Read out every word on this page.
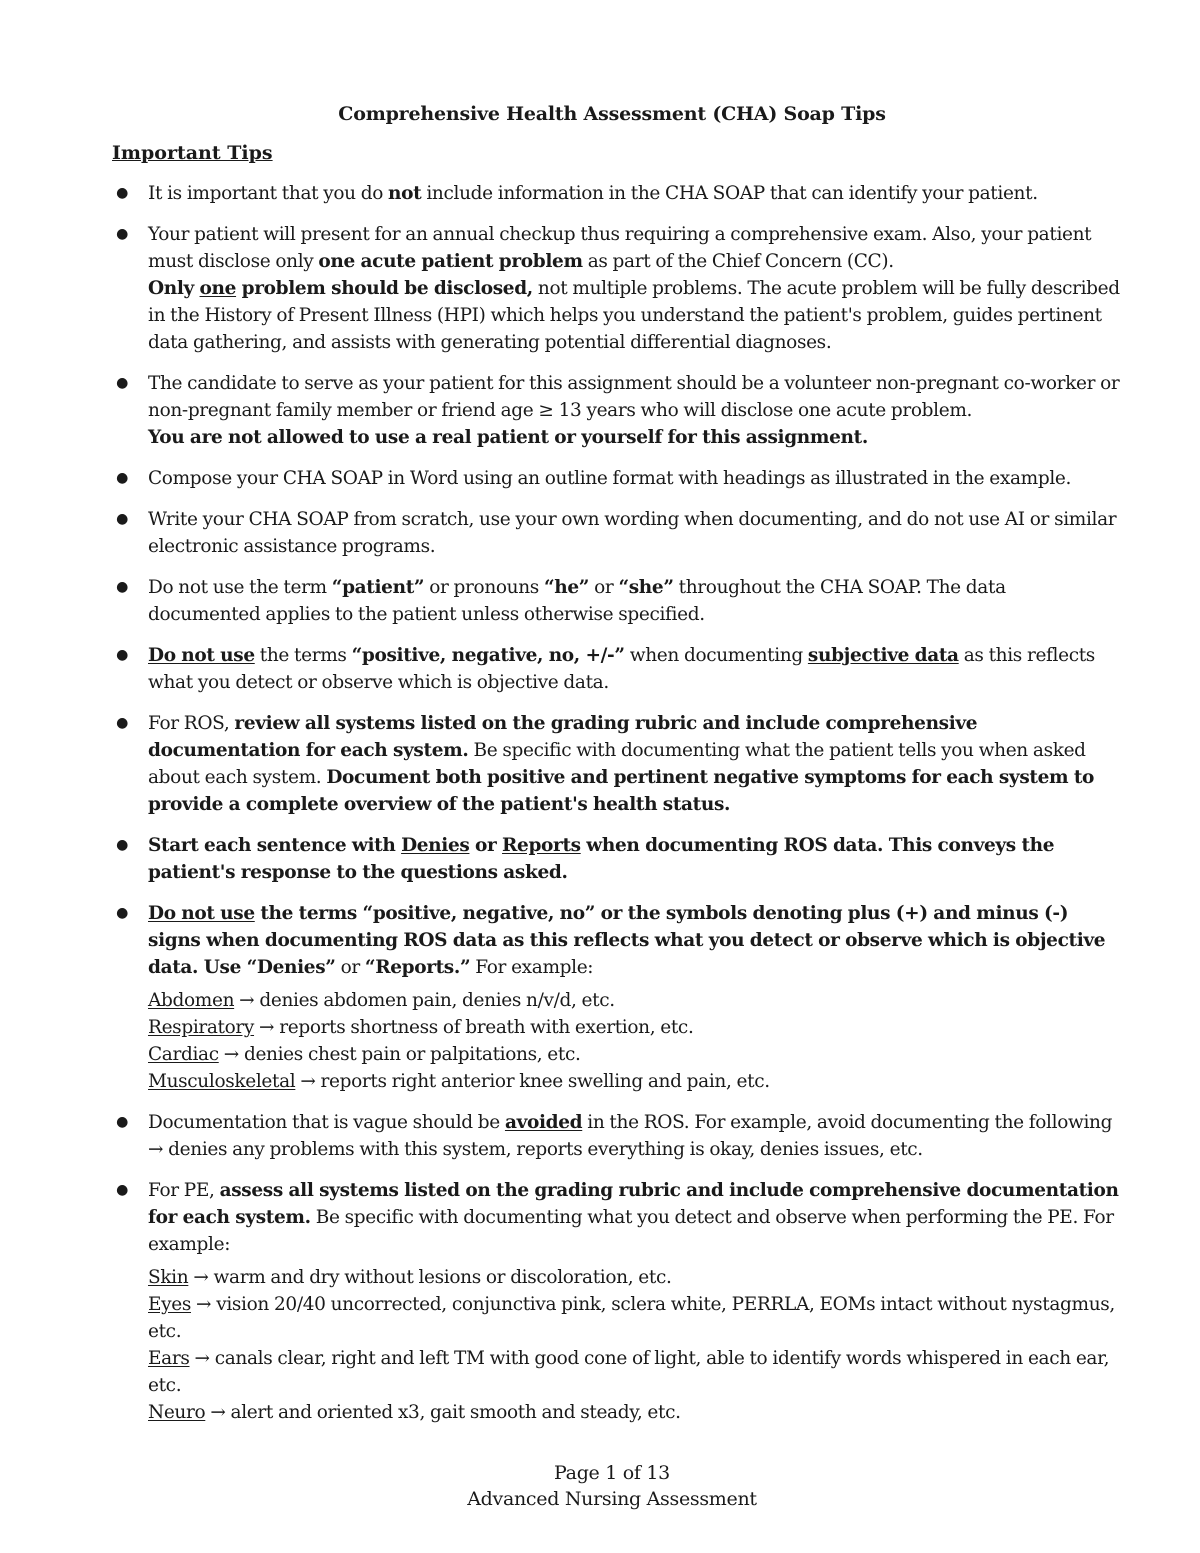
Comprehensive Health Assessment (CHA) Soap Tips
Important Tips
● It is important that you do not include information in the CHA SOAP that can identify your patient.
● Your patient will present for an annual checkup thus requiring a comprehensive exam. Also, your patient must disclose only one acute patient problem as part of the Chief Concern (CC).
Only one problem should be disclosed, not multiple problems. The acute problem will be fully described in the History of Present Illness (HPI) which helps you understand the patient's problem, guides pertinent data gathering, and assists with generating potential differential diagnoses.
● The candidate to serve as your patient for this assignment should be a volunteer non-pregnant co-worker or non-pregnant family member or friend age ≥ 13 years who will disclose one acute problem.
You are not allowed to use a real patient or yourself for this assignment.
● Compose your CHA SOAP in Word using an outline format with headings as illustrated in the example.
● Write your CHA SOAP from scratch, use your own wording when documenting, and do not use AI or similar electronic assistance programs.
● Do not use the term “patient” or pronouns “he” or “she” throughout the CHA SOAP. The data documented applies to the patient unless otherwise specified.
● Do not use the terms “positive, negative, no, +/-” when documenting subjective data as this reflects what you detect or observe which is objective data.
● For ROS, review all systems listed on the grading rubric and include comprehensive documentation for each system. Be specific with documenting what the patient tells you when asked about each system. Document both positive and pertinent negative symptoms for each system to provide a complete overview of the patient's health status.
● Start each sentence with Denies or Reports when documenting ROS data. This conveys the patient's response to the questions asked.
● Do not use the terms “positive, negative, no” or the symbols denoting plus (+) and minus (-) signs when documenting ROS data as this reflects what you detect or observe which is objective data. Use “Denies” or “Reports.” For example:
Abdomen → denies abdomen pain, denies n/v/d, etc.
Respiratory → reports shortness of breath with exertion, etc.
Cardiac → denies chest pain or palpitations, etc.
Musculoskeletal → reports right anterior knee swelling and pain, etc.
● Documentation that is vague should be avoided in the ROS. For example, avoid documenting the following → denies any problems with this system, reports everything is okay, denies issues, etc.
● For PE, assess all systems listed on the grading rubric and include comprehensive documentation for each system. Be specific with documenting what you detect and observe when performing the PE. For example:
Skin → warm and dry without lesions or discoloration, etc.
Eyes → vision 20/40 uncorrected, conjunctiva pink, sclera white, PERRLA, EOMs intact without nystagmus, etc.
Ears → canals clear, right and left TM with good cone of light, able to identify words whispered in each ear, etc.
Neuro → alert and oriented x3, gait smooth and steady, etc.
Page 1 of 13
Advanced Nursing Assessment
